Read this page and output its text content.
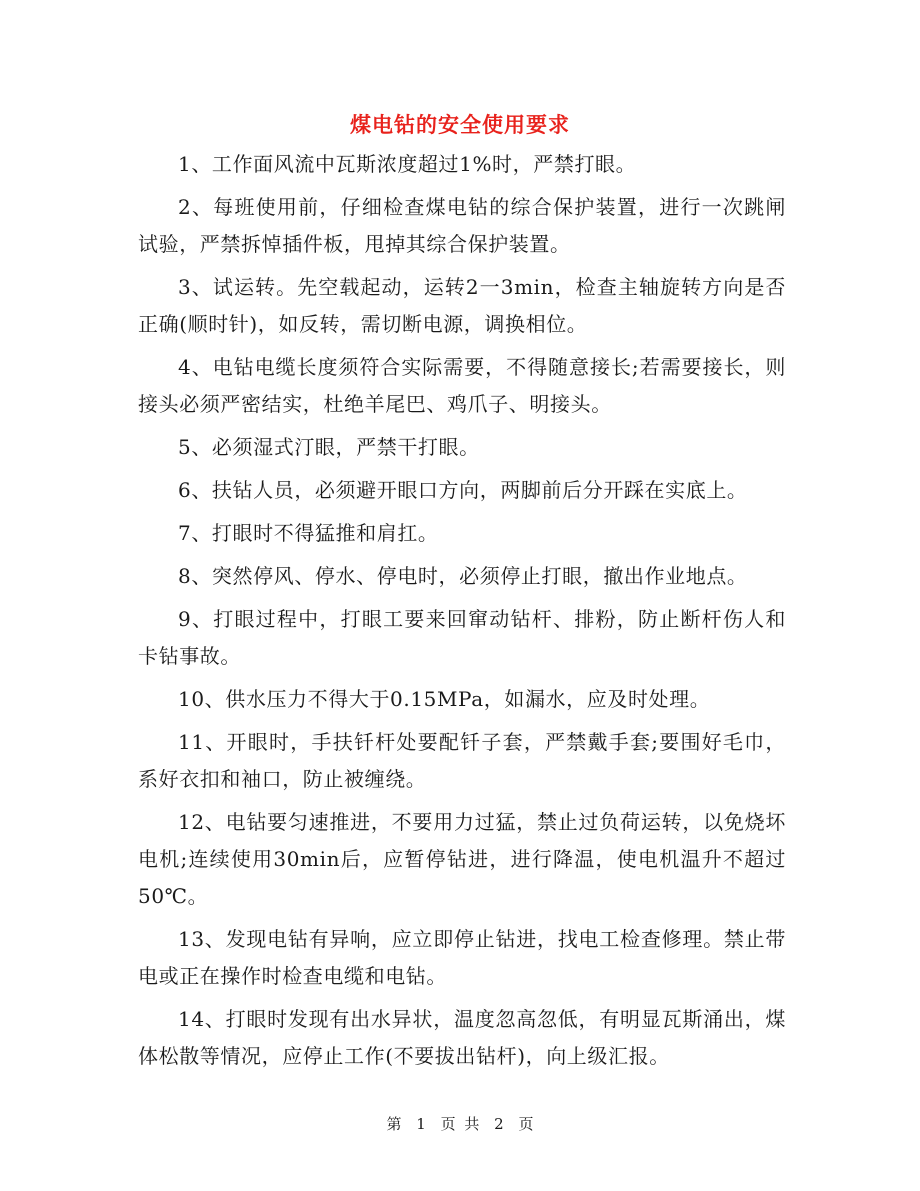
煤电钻的安全使用要求

1、工作面风流中瓦斯浓度超过1%时，严禁打眼。

2、每班使用前，仔细检查煤电钻的综合保护装置，进行一次跳闸试验，严禁拆悼插件板，甩掉其综合保护装置。

3、试运转。先空载起动，运转2一3min，检查主轴旋转方向是否正确(顺时针)，如反转，需切断电源，调换相位。

4、电钻电缆长度须符合实际需要，不得随意接长;若需要接长，则接头必须严密结实，杜绝羊尾巴、鸡爪子、明接头。

5、必须湿式汀眼，严禁干打眼。

6、扶钻人员，必须避开眼口方向，两脚前后分开踩在实底上。

7、打眼时不得猛推和肩扛。

8、突然停风、停水、停电时，必须停止打眼，撤出作业地点。

9、打眼过程中，打眼工要来回窜动钻杆、排粉，防止断杆伤人和卡钻事故。

10、供水压力不得大于0.15MPa，如漏水，应及时处理。

11、开眼时，手扶钎杆处要配钎子套，严禁戴手套;要围好毛巾，系好衣扣和袖口，防止被缠绕。

12、电钻要匀速推进，不要用力过猛，禁止过负荷运转，以免烧坏电机;连续使用30min后，应暂停钻进，进行降温，使电机温升不超过50℃。

13、发现电钻有异响，应立即停止钻进，找电工检查修理。禁止带电或正在操作时检查电缆和电钻。

14、打眼时发现有出水异状，温度忽高忽低，有明显瓦斯涌出，煤体松散等情况，应停止工作(不要拔出钻杆)，向上级汇报。

第 1 页 共 2 页
